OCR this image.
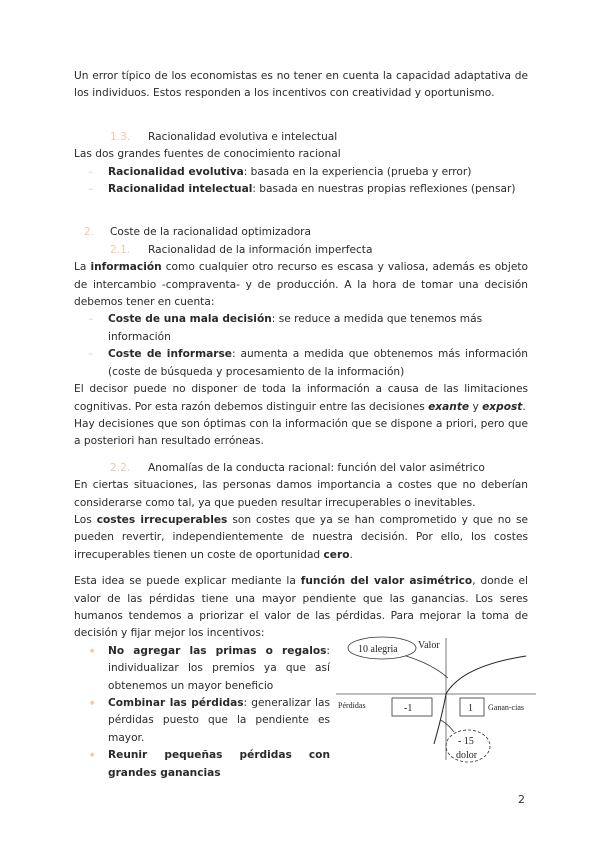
Un error típico de los economistas es no tener en cuenta la capacidad adaptativa de los individuos. Estos responden a los incentivos con creatividad y oportunismo.

1.3. Racionalidad evolutiva e intelectual

Las dos grandes fuentes de conocimiento racional

– Racionalidad evolutiva: basada en la experiencia (prueba y error)
– Racionalidad intelectual: basada en nuestras propias reflexiones (pensar)

2. Coste de la racionalidad optimizadora

2.1. Racionalidad de la información imperfecta

La información como cualquier otro recurso es escasa y valiosa, además es objeto de intercambio -compraventa- y de producción. A la hora de tomar una decisión debemos tener en cuenta:

– Coste de una mala decisión: se reduce a medida que tenemos más información
– Coste de informarse: aumenta a medida que obtenemos más información (coste de búsqueda y procesamiento de la información)

El decisor puede no disponer de toda la información a causa de las limitaciones cognitivas. Por esta razón debemos distinguir entre las decisiones exante y expost.

Hay decisiones que son óptimas con la información que se dispone a priori, pero que a posteriori han resultado erróneas.

2.2. Anomalías de la conducta racional: función del valor asimétrico

En ciertas situaciones, las personas damos importancia a costes que no deberían considerarse como tal, ya que pueden resultar irrecuperables o inevitables.

Los costes irrecuperables son costes que ya se han comprometido y que no se pueden revertir, independientemente de nuestra decisión. Por ello, los costes irrecuperables tienen un coste de oportunidad cero.

Esta idea se puede explicar mediante la función del valor asimétrico, donde el valor de las pérdidas tiene una mayor pendiente que las ganancias. Los seres humanos tendemos a priorizar el valor de las pérdidas. Para mejorar la toma de decisión y fijar mejor los incentivos:

● No agregar las primas o regalos: individualizar los premios ya que así obtenemos un mayor beneficio
● Combinar las pérdidas: generalizar las pérdidas puesto que la pendiente es mayor.
● Reunir pequeñas pérdidas con grandes ganancias
10 alegria Valor
-1	1
Pérdidas	Ganan-cias
- 15
dolor
2
